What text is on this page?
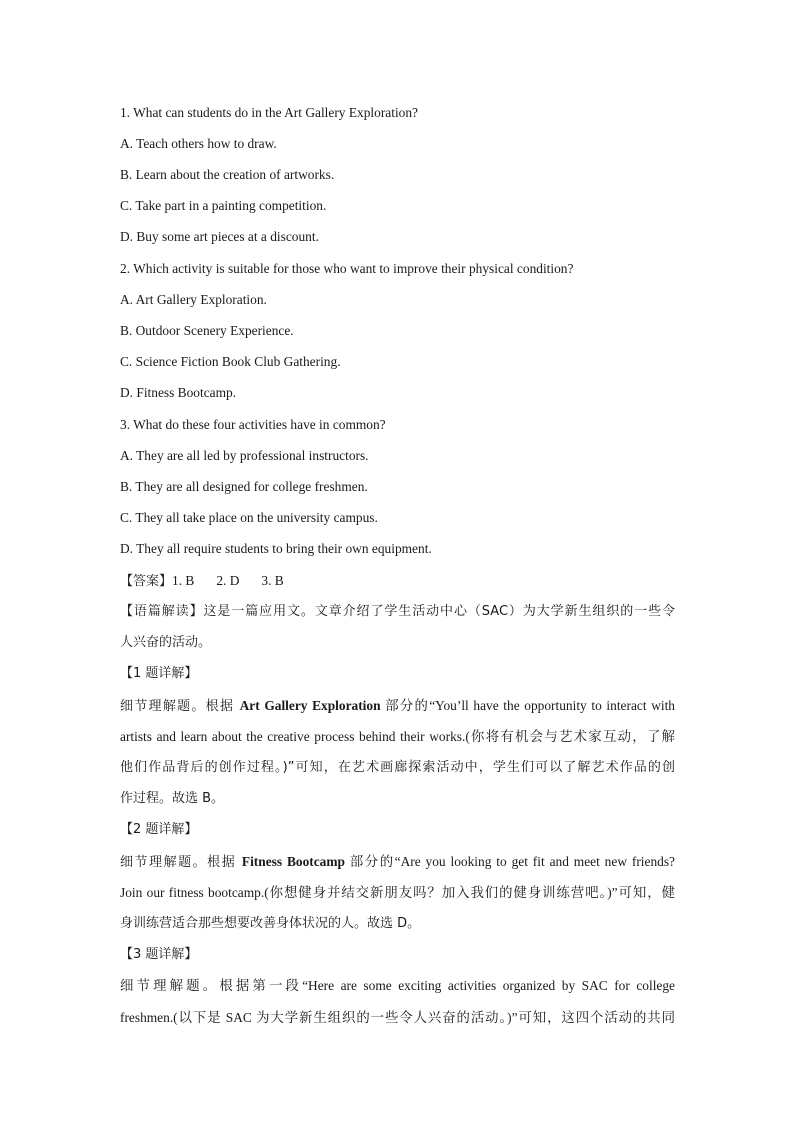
1. What can students do in the Art Gallery Exploration?
A. Teach others how to draw.
B. Learn about the creation of artworks.
C. Take part in a painting competition.
D. Buy some art pieces at a discount.
2. Which activity is suitable for those who want to improve their physical condition?
A. Art Gallery Exploration.
B. Outdoor Scenery Experience.
C. Science Fiction Book Club Gathering.
D. Fitness Bootcamp.
3. What do these four activities have in common?
A. They are all led by professional instructors.
B. They are all designed for college freshmen.
C. They all take place on the university campus.
D. They all require students to bring their own equipment.
【答案】1. B 2. D 3. B
【语篇解读】这是一篇应用文。文章介绍了学生活动中心（SAC）为大学新生组织的一些令
人兴奋的活动。
【1 题详解】
细节理解题。根据 Art Gallery Exploration 部分的“You’ll have the opportunity to interact with
artists and learn about the creative process behind their works.(你将有机会与艺术家互动，了解
他们作品背后的创作过程。)”可知，在艺术画廊探索活动中，学生们可以了解艺术作品的创
作过程。故选 B。
【2 题详解】
细节理解题。根据 Fitness Bootcamp 部分的“Are you looking to get fit and meet new friends?
Join our fitness bootcamp.(你想健身并结交新朋友吗？加入我们的健身训练营吧。)”可知，健
身训练营适合那些想要改善身体状况的人。故选 D。
【3 题详解】
细节理解题。根据第一段“Here are some exciting activities organized by SAC for college
freshmen.(以下是 SAC 为大学新生组织的一些令人兴奋的活动。)”可知，这四个活动的共同
